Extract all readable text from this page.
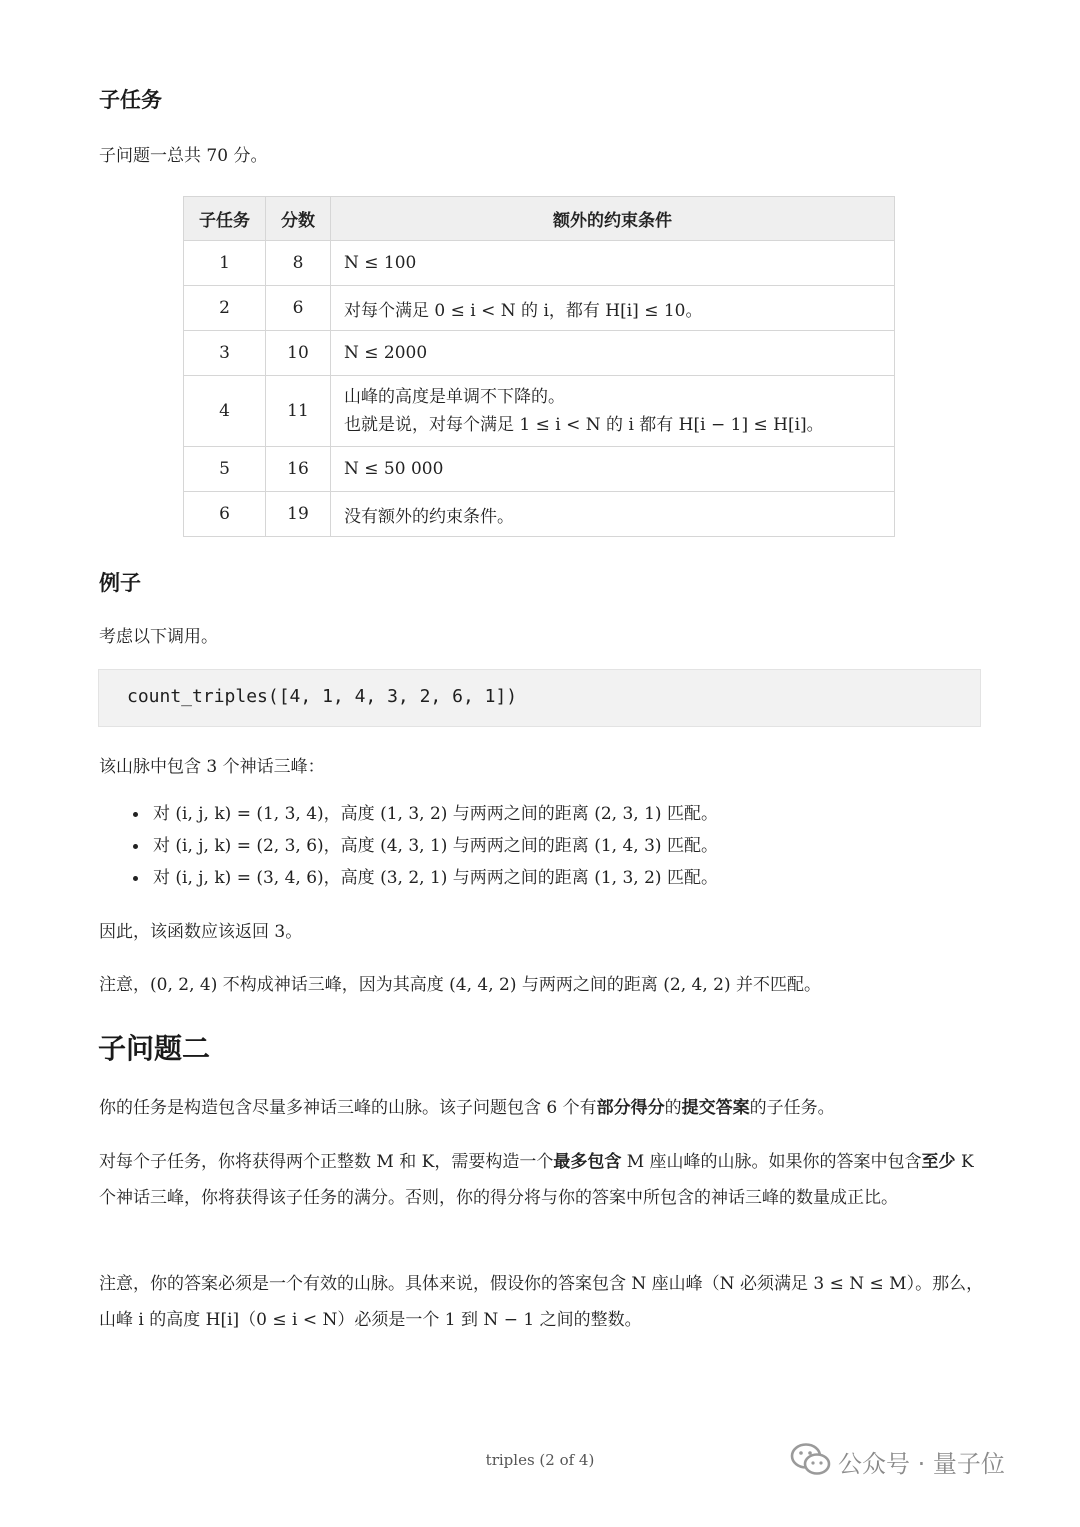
子任务

子问题一总共 70 分。

子任务	分数	额外的约束条件
1	8	N ≤ 100
2	6	对每个满足 0 ≤ i < N 的 i，都有 H[i] ≤ 10。
3	10	N ≤ 2000
4	11	山峰的高度是单调不下降的。
也就是说，对每个满足 1 ≤ i < N 的 i 都有 H[i − 1] ≤ H[i]。

5	16	N ≤ 50 000
6	19	没有额外的约束条件。
例子

考虑以下调用。

count_triples([4, 1, 4, 3, 2, 6, 1])

该山脉中包含 3 个神话三峰：

对 (i, j, k) = (1, 3, 4)，高度 (1, 3, 2) 与两两之间的距离 (2, 3, 1) 匹配。
对 (i, j, k) = (2, 3, 6)，高度 (4, 3, 1) 与两两之间的距离 (1, 4, 3) 匹配。
对 (i, j, k) = (3, 4, 6)，高度 (3, 2, 1) 与两两之间的距离 (1, 3, 2) 匹配。

因此，该函数应该返回 3。

注意，(0, 2, 4) 不构成神话三峰，因为其高度 (4, 4, 2) 与两两之间的距离 (2, 4, 2) 并不匹配。

子问题二

你的任务是构造包含尽量多神话三峰的山脉。该子问题包含 6 个有部分得分的提交答案的子任务。

对每个子任务，你将获得两个正整数 M 和 K，需要构造一个最多包含 M 座山峰的山脉。如果你的答案中包含至少 K 个神话三峰，你将获得该子任务的满分。否则，你的得分将与你的答案中所包含的神话三峰的数量成正比。

注意，你的答案必须是一个有效的山脉。具体来说，假设你的答案包含 N 座山峰（N 必须满足 3 ≤ N ≤ M）。那么，山峰 i 的高度 H[i]（0 ≤ i < N）必须是一个 1 到 N − 1 之间的整数。

triples (2 of 4)	公众号 · 量子位
